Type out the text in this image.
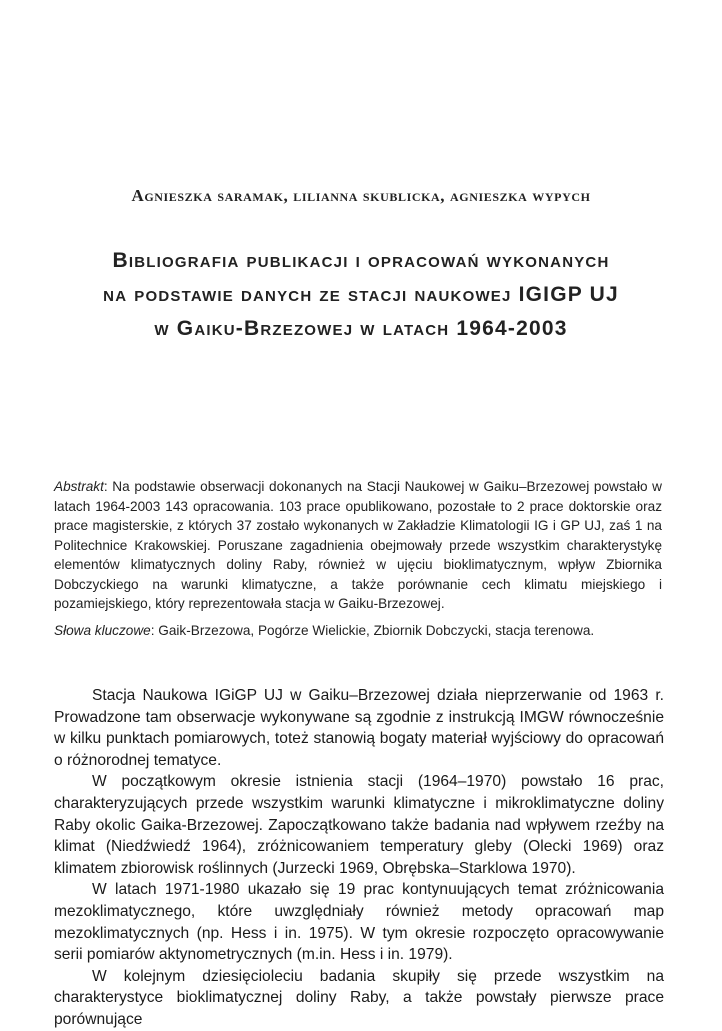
Agnieszka saramak, lilianna skublicka, agnieszka wypych
Bibliografia publikacji i opracowań wykonanych
na podstawie danych ze stacji naukowej IGIGP UJ
w Gaiku-Brzezowej w latach 1964-2003

Abstrakt: Na podstawie obserwacji dokonanych na Stacji Naukowej w Gaiku–Brzezowej powstało w latach 1964-2003 143 opracowania. 103 prace opublikowano, pozostałe to 2 prace doktorskie oraz prace magisterskie, z których 37 zostało wykonanych w Zakładzie Klimatologii IG i GP UJ, zaś 1 na Politechnice Krakowskiej. Poruszane zagadnienia obejmowały przede wszystkim charakterystykę elementów klimatycznych doliny Raby, również w ujęciu bioklimatycznym, wpływ Zbiornika Dobczyckiego na warunki klimatyczne, a także porównanie cech klimatu miejskiego i pozamiejskiego, który reprezentowała stacja w Gaiku-Brzezowej.

Słowa kluczowe: Gaik-Brzezowa, Pogórze Wielickie, Zbiornik Dobczycki, stacja terenowa.

Stacja Naukowa IGiGP UJ w Gaiku–Brzezowej działa nieprzerwanie od 1963 r. Prowadzone tam obserwacje wykonywane są zgodnie z instrukcją IMGW równocześnie w kilku punktach pomiarowych, toteż stanowią bogaty materiał wyjściowy do opracowań o różnorodnej tematyce.

W początkowym okresie istnienia stacji (1964–1970) powstało 16 prac, charakteryzujących przede wszystkim warunki klimatyczne i mikroklimatyczne doliny Raby okolic Gaika-Brzezowej. Zapoczątkowano także badania nad wpływem rzeźby na klimat (Niedźwiedź 1964), zróżnicowaniem temperatury gleby (Olecki 1969) oraz klimatem zbiorowisk roślinnych (Jurzecki 1969, Obrębska–Starklowa 1970).

W latach 1971-1980 ukazało się 19 prac kontynuujących temat zróżnicowania mezoklimatycznego, które uwzględniały również metody opracowań map mezoklimatycznych (np. Hess i in. 1975). W tym okresie rozpoczęto opracowywanie serii pomiarów aktynometrycznych (m.in. Hess i in. 1979).

W kolejnym dziesięcioleciu badania skupiły się przede wszystkim na charakterystyce bioklimatycznej doliny Raby, a także powstały pierwsze prace porównujące
